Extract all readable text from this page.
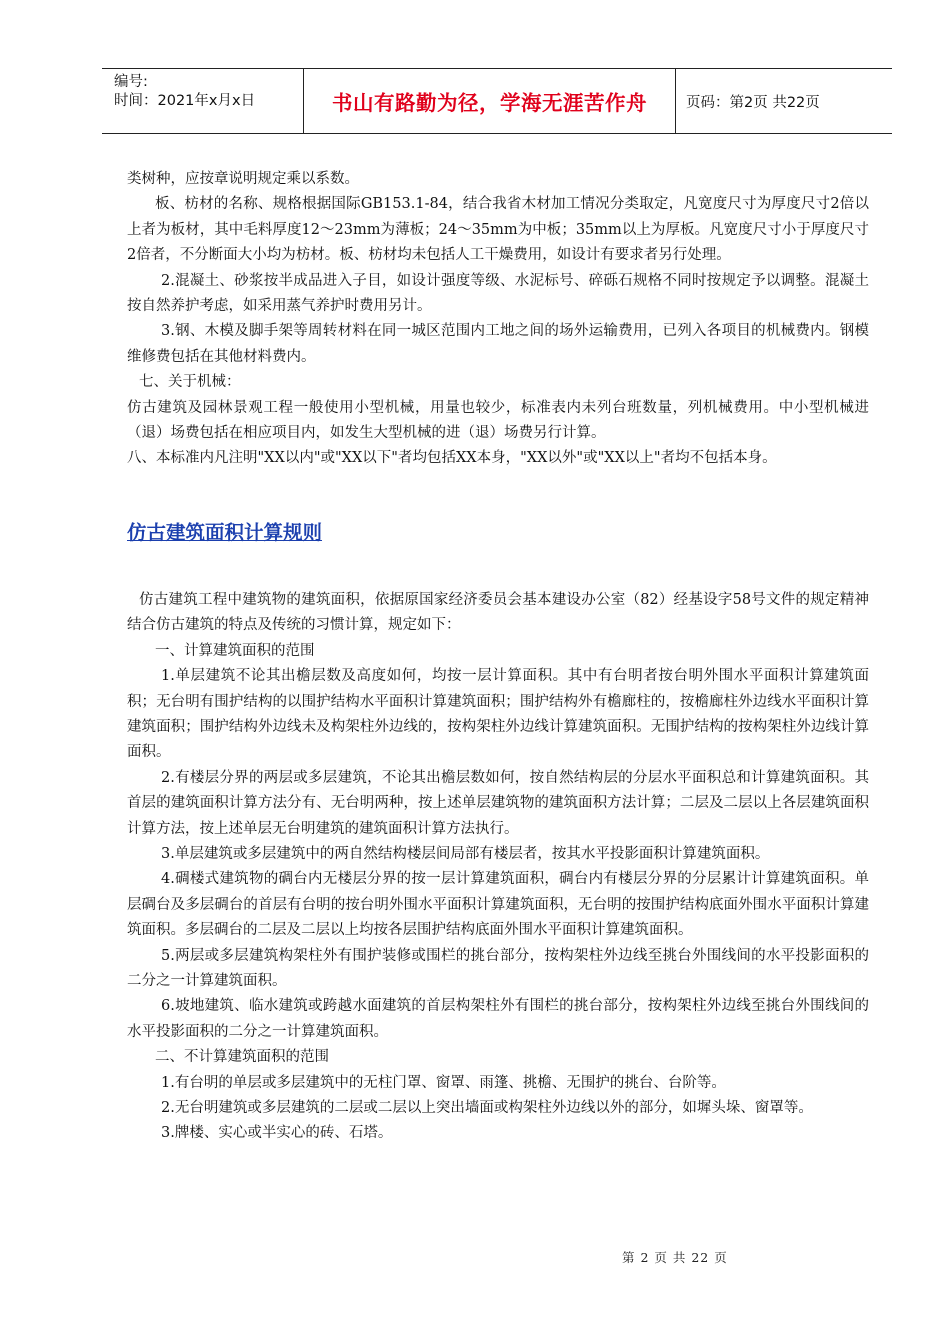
编号:
时间：2021年x月x日	书山有路勤为径，学海无涯苦作舟	页码：第2页 共22页

类树种，应按章说明规定乘以系数。

板、枋材的名称、规格根据国际GB153.1-84，结合我省木材加工情况分类取定，凡宽度尺寸为厚度尺寸2倍以上者为板材，其中毛料厚度12～23mm为薄板；24～35mm为中板；35mm以上为厚板。凡宽度尺寸小于厚度尺寸2倍者，不分断面大小均为枋材。板、枋材均未包括人工干燥费用，如设计有要求者另行处理。

2.混凝土、砂浆按半成品进入子目，如设计强度等级、水泥标号、碎砾石规格不同时按规定予以调整。混凝土按自然养护考虑，如采用蒸气养护时费用另计。

3.钢、木模及脚手架等周转材料在同一城区范围内工地之间的场外运输费用，已列入各项目的机械费内。钢模维修费包括在其他材料费内。

七、关于机械：

仿古建筑及园林景观工程一般使用小型机械，用量也较少，标准表内未列台班数量，列机械费用。中小型机械进（退）场费包括在相应项目内，如发生大型机械的进（退）场费另行计算。

八、本标准内凡注明"XX以内"或"XX以下"者均包括XX本身，"XX以外"或"XX以上"者均不包括本身。

仿古建筑面积计算规则

仿古建筑工程中建筑物的建筑面积，依据原国家经济委员会基本建设办公室（82）经基设字58号文件的规定精神结合仿古建筑的特点及传统的习惯计算，规定如下：

一、计算建筑面积的范围

1.单层建筑不论其出檐层数及高度如何，均按一层计算面积。其中有台明者按台明外围水平面积计算建筑面积；无台明有围护结构的以围护结构水平面积计算建筑面积；围护结构外有檐廊柱的，按檐廊柱外边线水平面积计算建筑面积；围护结构外边线未及构架柱外边线的，按构架柱外边线计算建筑面积。无围护结构的按构架柱外边线计算面积。

2.有楼层分界的两层或多层建筑，不论其出檐层数如何，按自然结构层的分层水平面积总和计算建筑面积。其首层的建筑面积计算方法分有、无台明两种，按上述单层建筑物的建筑面积方法计算；二层及二层以上各层建筑面积计算方法，按上述单层无台明建筑的建筑面积计算方法执行。

3.单层建筑或多层建筑中的两自然结构楼层间局部有楼层者，按其水平投影面积计算建筑面积。

4.碉楼式建筑物的碉台内无楼层分界的按一层计算建筑面积，碉台内有楼层分界的分层累计计算建筑面积。单层碉台及多层碉台的首层有台明的按台明外围水平面积计算建筑面积，无台明的按围护结构底面外围水平面积计算建筑面积。多层碉台的二层及二层以上均按各层围护结构底面外围水平面积计算建筑面积。

5.两层或多层建筑构架柱外有围护装修或围栏的挑台部分，按构架柱外边线至挑台外围线间的水平投影面积的二分之一计算建筑面积。

6.坡地建筑、临水建筑或跨越水面建筑的首层构架柱外有围栏的挑台部分，按构架柱外边线至挑台外围线间的水平投影面积的二分之一计算建筑面积。

二、不计算建筑面积的范围

1.有台明的单层或多层建筑中的无柱门罩、窗罩、雨篷、挑檐、无围护的挑台、台阶等。

2.无台明建筑或多层建筑的二层或二层以上突出墙面或构架柱外边线以外的部分，如墀头垛、窗罩等。

3.牌楼、实心或半实心的砖、石塔。

第 2 页 共 22 页
